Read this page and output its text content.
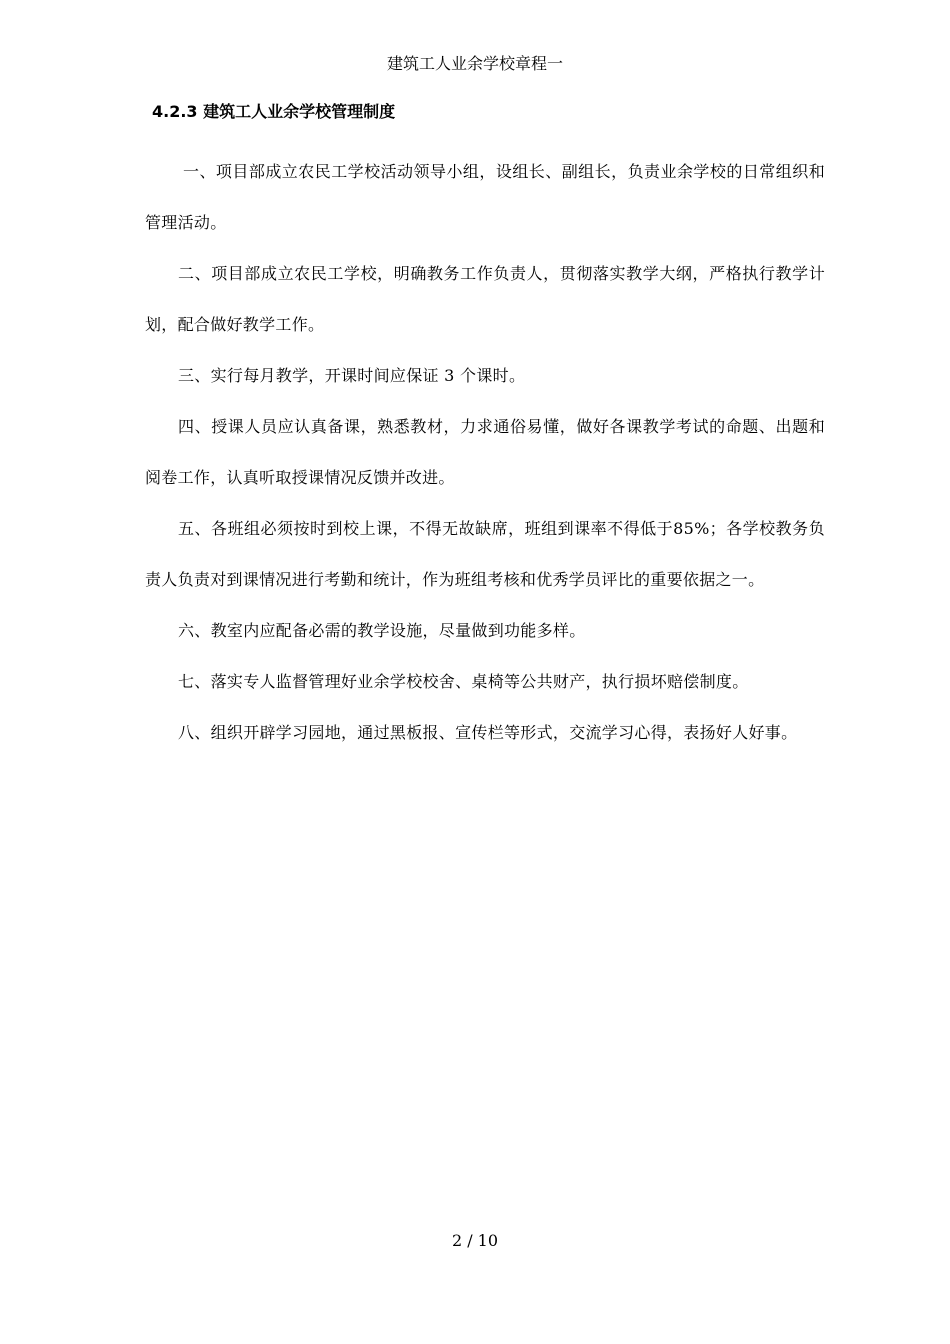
建筑工人业余学校章程一
4.2.3 建筑工人业余学校管理制度

一、项目部成立农民工学校活动领导小组，设组长、副组长，负责业余学校的日常组织和管理活动。

二、项目部成立农民工学校，明确教务工作负责人，贯彻落实教学大纲，严格执行教学计划，配合做好教学工作。

三、实行每月教学，开课时间应保证 3 个课时。

四、授课人员应认真备课，熟悉教材，力求通俗易懂，做好各课教学考试的命题、出题和阅卷工作，认真听取授课情况反馈并改进。

五、各班组必须按时到校上课，不得无故缺席，班组到课率不得低于85%；各学校教务负责人负责对到课情况进行考勤和统计，作为班组考核和优秀学员评比的重要依据之一。

六、教室内应配备必需的教学设施，尽量做到功能多样。

七、落实专人监督管理好业余学校校舍、桌椅等公共财产，执行损坏赔偿制度。

八、组织开辟学习园地，通过黑板报、宣传栏等形式，交流学习心得，表扬好人好事。

2 / 10
